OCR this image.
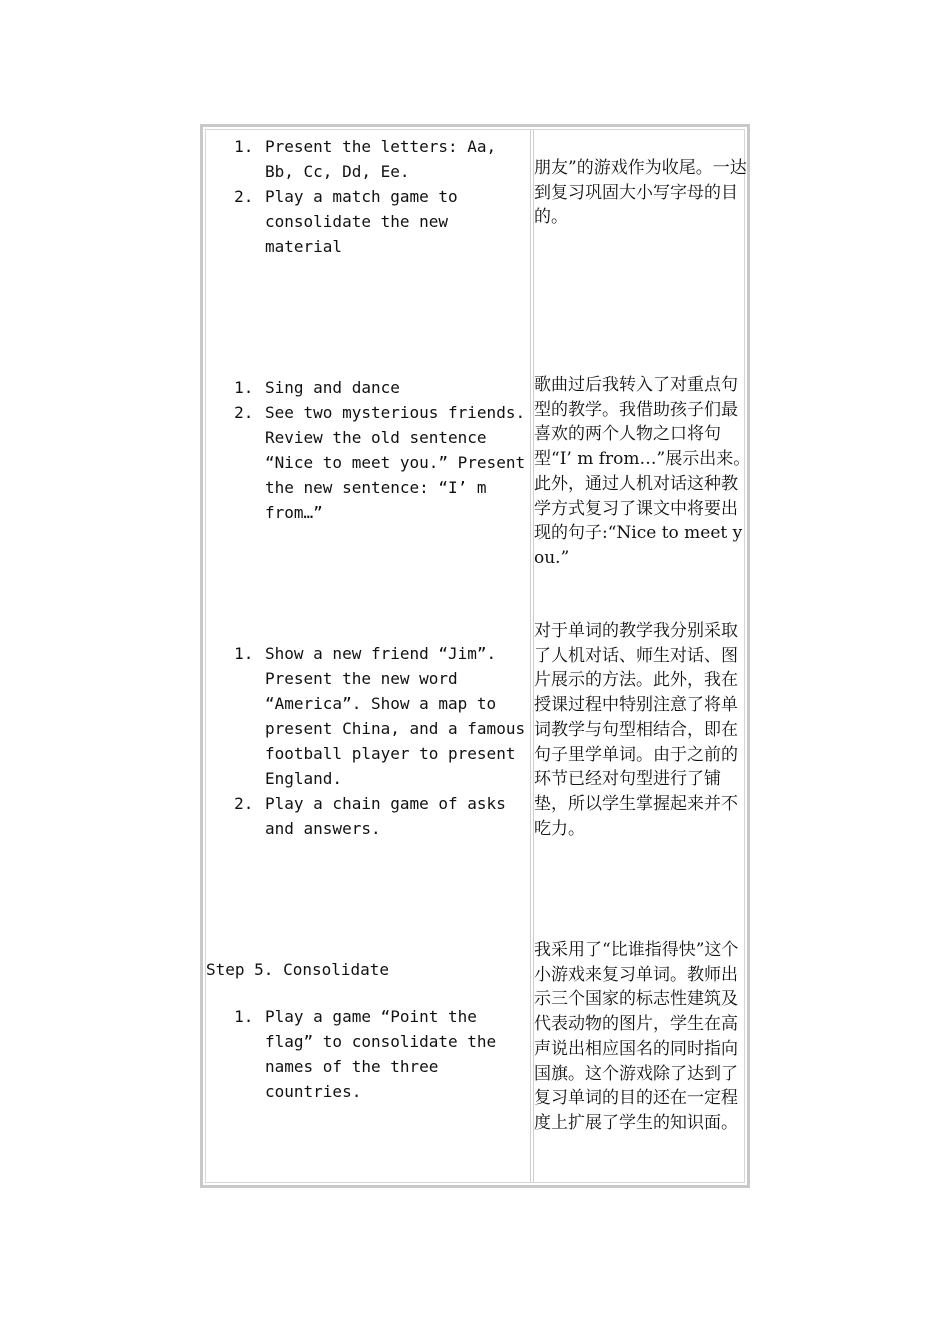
1. Present the letters: Aa, Bb, Cc, Dd, Ee.
2. Play a match game to consolidate the new material
朋友”的游戏作为收尾。一达到复习巩固大小写字母的目的。
1. Sing and dance
2. See two mysterious friends. Review the old sentence “Nice to meet you.” Present the new sentence: “I’ m from…”
歌曲过后我转入了对重点句型的教学。我借助孩子们最喜欢的两个人物之口将句型“I’ m from…”展示出来。此外，通过人机对话这种教学方式复习了课文中将要出现的句子:“Nice to meet you.”
1. Show a new friend “Jim”. Present the new word “America”. Show a map to present China, and a famous football player to present England.
2. Play a chain game of asks and answers.
对于单词的教学我分别采取了人机对话、师生对话、图片展示的方法。此外，我在授课过程中特别注意了将单词教学与句型相结合，即在句子里学单词。由于之前的环节已经对句型进行了铺垫，所以学生掌握起来并不吃力。

Step 5. Consolidate

1. Play a game “Point the flag” to consolidate the names of the three countries.
我采用了“比谁指得快”这个小游戏来复习单词。教师出示三个国家的标志性建筑及代表动物的图片，学生在高声说出相应国名的同时指向国旗。这个游戏除了达到了复习单词的目的还在一定程度上扩展了学生的知识面。
